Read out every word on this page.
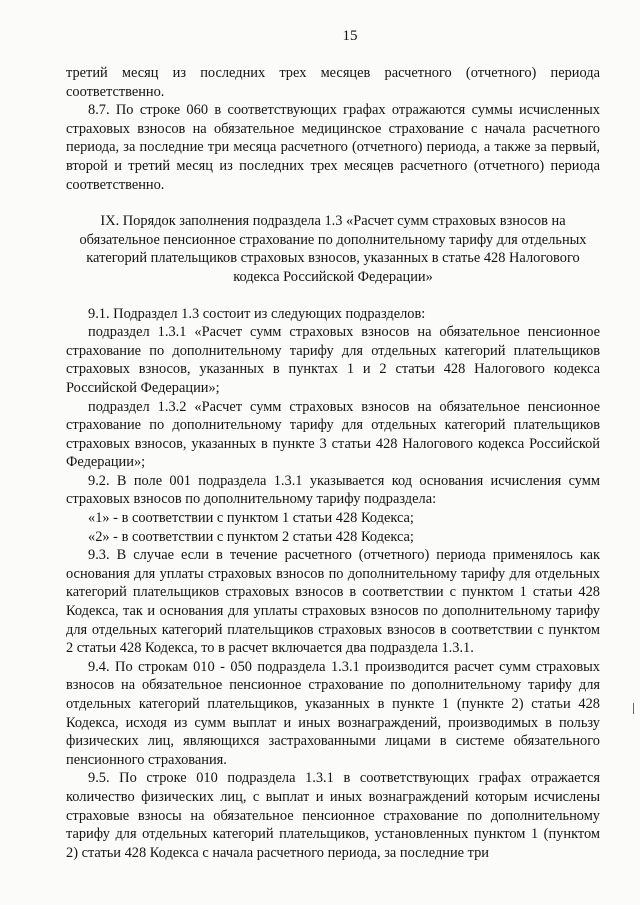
15

третий месяц из последних трех месяцев расчетного (отчетного) периода соответственно.

8.7. По строке 060 в соответствующих графах отражаются суммы исчисленных страховых взносов на обязательное медицинское страхование с начала расчетного периода, за последние три месяца расчетного (отчетного) периода, а также за первый, второй и третий месяц из последних трех месяцев расчетного (отчетного) периода соответственно.

IX. Порядок заполнения подраздела 1.3 «Расчет сумм страховых взносов на обязательное пенсионное страхование по дополнительному тарифу для отдельных категорий плательщиков страховых взносов, указанных в статье 428 Налогового кодекса Российской Федерации»

9.1. Подраздел 1.3 состоит из следующих подразделов:

подраздел 1.3.1 «Расчет сумм страховых взносов на обязательное пенсионное страхование по дополнительному тарифу для отдельных категорий плательщиков страховых взносов, указанных в пунктах 1 и 2 статьи 428 Налогового кодекса Российской Федерации»;

подраздел 1.3.2 «Расчет сумм страховых взносов на обязательное пенсионное страхование по дополнительному тарифу для отдельных категорий плательщиков страховых взносов, указанных в пункте 3 статьи 428 Налогового кодекса Российской Федерации»;

9.2. В поле 001 подраздела 1.3.1 указывается код основания исчисления сумм страховых взносов по дополнительному тарифу подраздела:

«1» - в соответствии с пунктом 1 статьи 428 Кодекса;

«2» - в соответствии с пунктом 2 статьи 428 Кодекса;

9.3. В случае если в течение расчетного (отчетного) периода применялось как основания для уплаты страховых взносов по дополнительному тарифу для отдельных категорий плательщиков страховых взносов в соответствии с пунктом 1 статьи 428 Кодекса, так и основания для уплаты страховых взносов по дополнительному тарифу для отдельных категорий плательщиков страховых взносов в соответствии с пунктом 2 статьи 428 Кодекса, то в расчет включается два подраздела 1.3.1.

9.4. По строкам 010 - 050 подраздела 1.3.1 производится расчет сумм страховых взносов на обязательное пенсионное страхование по дополнительному тарифу для отдельных категорий плательщиков, указанных в пункте 1 (пункте 2) статьи 428 Кодекса, исходя из сумм выплат и иных вознаграждений, производимых в пользу физических лиц, являющихся застрахованными лицами в системе обязательного пенсионного страхования.

9.5. По строке 010 подраздела 1.3.1 в соответствующих графах отражается количество физических лиц, с выплат и иных вознаграждений которым исчислены страховые взносы на обязательное пенсионное страхование по дополнительному тарифу для отдельных категорий плательщиков, установленных пунктом 1 (пунктом 2) статьи 428 Кодекса с начала расчетного периода, за последние три
